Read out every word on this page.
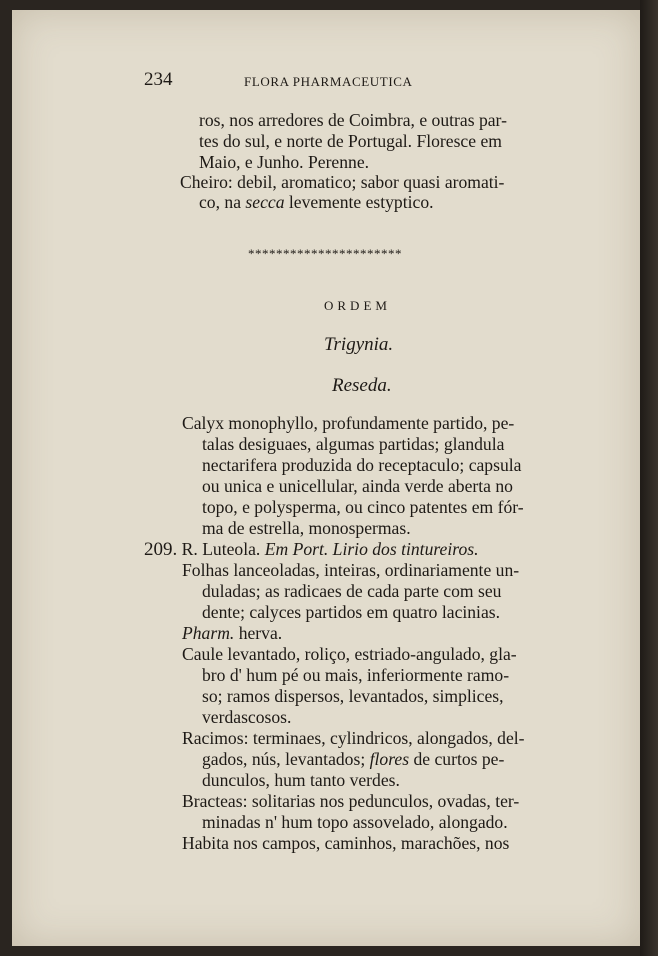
234	FLORA PHARMACEUTICA
ros, nos arredores de Coimbra, e outras par-
tes do sul, e norte de Portugal. Floresce em
Maio, e Junho. Perenne.
Cheiro: debil, aromatico; sabor quasi aromati-
co, na secca levemente estyptico.
**********************
ORDEM
Trigynia.
Reseda.
Calyx monophyllo, profundamente partido, pe-
talas desiguaes, algumas partidas; glandula
nectarifera produzida do receptaculo; capsula
ou unica e unicellular, ainda verde aberta no
topo, e polysperma, ou cinco patentes em fór-
ma de estrella, monospermas.
209. R. Luteola. Em Port. Lirio dos tintureiros.
Folhas lanceoladas, inteiras, ordinariamente un-
duladas; as radicaes de cada parte com seu
dente; calyces partidos em quatro lacinias.
Pharm. herva.
Caule levantado, roliço, estriado-angulado, gla-
bro d' hum pé ou mais, inferiormente ramo-
so; ramos dispersos, levantados, simplices,
verdascosos.
Racimos: terminaes, cylindricos, alongados, del-
gados, nús, levantados; flores de curtos pe-
dunculos, hum tanto verdes.
Bracteas: solitarias nos pedunculos, ovadas, ter-
minadas n' hum topo assovelado, alongado.
Habita nos campos, caminhos, marachões, nos
